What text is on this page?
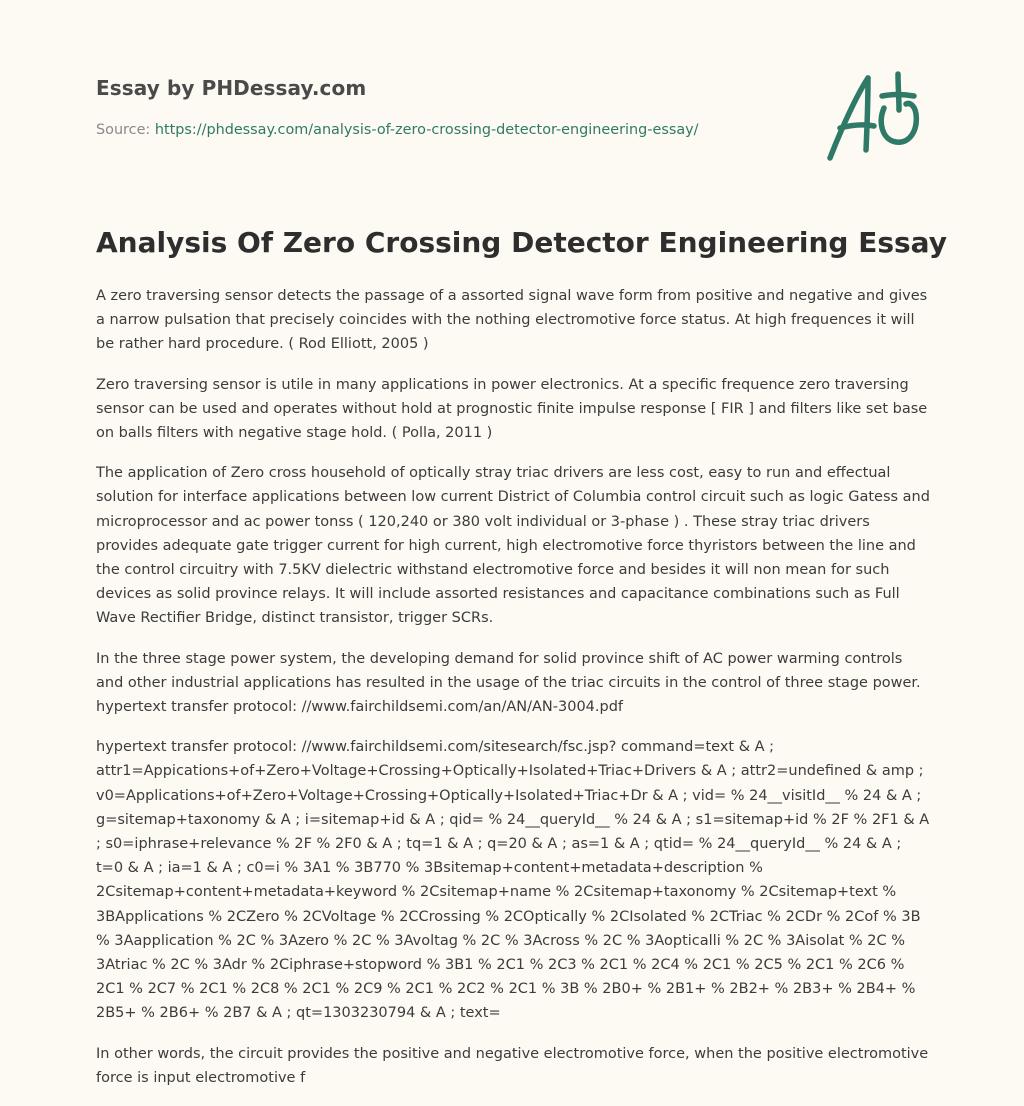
Essay by PHDessay.com
Source: https://phdessay.com/analysis-of-zero-crossing-detector-engineering-essay/
Analysis Of Zero Crossing Detector Engineering Essay

A zero traversing sensor detects the passage of a assorted signal wave form from positive and negative and gives a narrow pulsation that precisely coincides with the nothing electromotive force status. At high frequences it will be rather hard procedure. ( Rod Elliott, 2005 )

Zero traversing sensor is utile in many applications in power electronics. At a specific frequence zero traversing sensor can be used and operates without hold at prognostic finite impulse response [ FIR ] and filters like set base on balls filters with negative stage hold. ( Polla, 2011 )

The application of Zero cross household of optically stray triac drivers are less cost, easy to run and effectual solution for interface applications between low current District of Columbia control circuit such as logic Gatess and microprocessor and ac power tonss ( 120,240 or 380 volt individual or 3-phase ) . These stray triac drivers provides adequate gate trigger current for high current, high electromotive force thyristors between the line and the control circuitry with 7.5KV dielectric withstand electromotive force and besides it will non mean for such devices as solid province relays. It will include assorted resistances and capacitance combinations such as Full Wave Rectifier Bridge, distinct transistor, trigger SCRs.

In the three stage power system, the developing demand for solid province shift of AC power warming controls and other industrial applications has resulted in the usage of the triac circuits in the control of three stage power. hypertext transfer protocol: //www.fairchildsemi.com/an/AN/AN-3004.pdf

hypertext transfer protocol: //www.fairchildsemi.com/sitesearch/fsc.jsp? command=text & A ; attr1=Appications+of+Zero+Voltage+Crossing+Optically+Isolated+Triac+Drivers & A ; attr2=undefined & amp ; v0=Applications+of+Zero+Voltage+Crossing+Optically+Isolated+Triac+Dr & A ; vid= % 24__visitId__ % 24 & A ; g=sitemap+taxonomy & A ; i=sitemap+id & A ; qid= % 24__queryId__ % 24 & A ; s1=sitemap+id % 2F % 2F1 & A ; s0=iphrase+relevance % 2F % 2F0 & A ; tq=1 & A ; q=20 & A ; as=1 & A ; qtid= % 24__queryId__ % 24 & A ; t=0 & A ; ia=1 & A ; c0=i % 3A1 % 3B770 % 3Bsitemap+content+metadata+description % 2Csitemap+content+metadata+keyword % 2Csitemap+name % 2Csitemap+taxonomy % 2Csitemap+text % 3BApplications % 2CZero % 2CVoltage % 2CCrossing % 2COptically % 2CIsolated % 2CTriac % 2CDr % 2Cof % 3B % 3Aapplication % 2C % 3Azero % 2C % 3Avoltag % 2C % 3Across % 2C % 3Aopticalli % 2C % 3Aisolat % 2C % 3Atriac % 2C % 3Adr % 2Ciphrase+stopword % 3B1 % 2C1 % 2C3 % 2C1 % 2C4 % 2C1 % 2C5 % 2C1 % 2C6 % 2C1 % 2C7 % 2C1 % 2C8 % 2C1 % 2C9 % 2C1 % 2C2 % 2C1 % 3B % 2B0+ % 2B1+ % 2B2+ % 2B3+ % 2B4+ % 2B5+ % 2B6+ % 2B7 & A ; qt=1303230794 & A ; text=

In other words, the circuit provides the positive and negative electromotive force, when the positive electromotive force is input electromotive f
